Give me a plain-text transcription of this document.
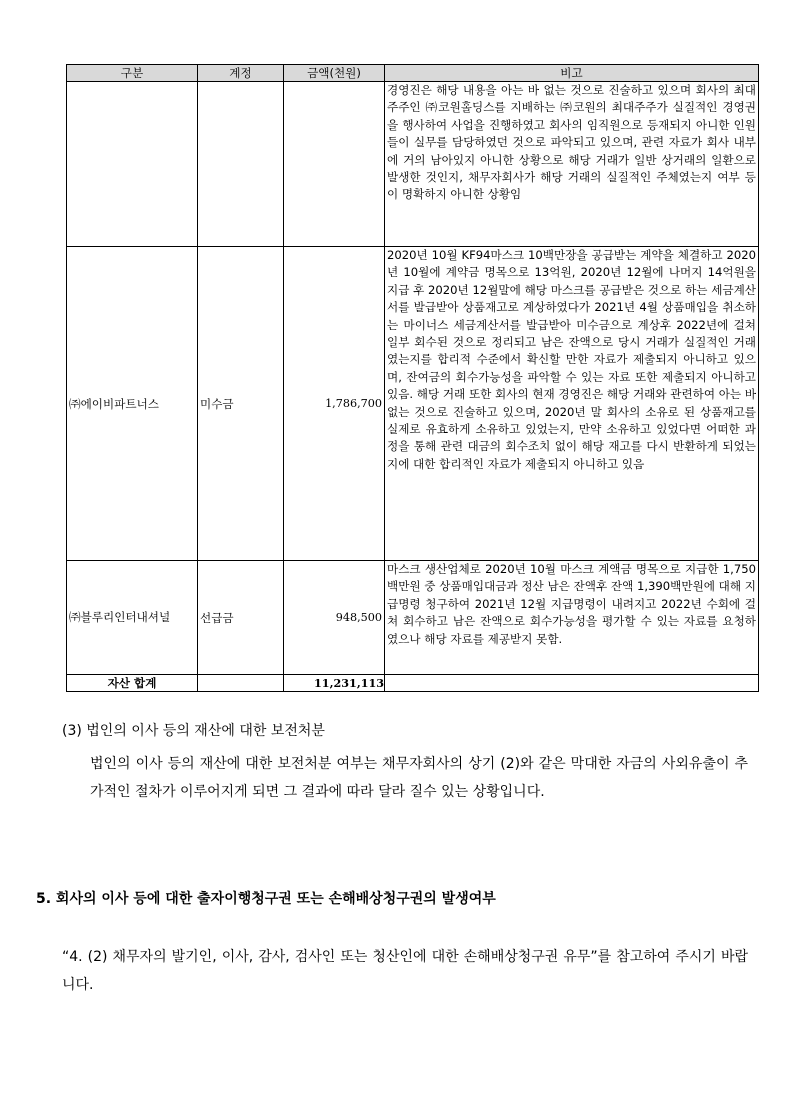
구분	계정	금액(천원)	비고
			경영진은 해당 내용을 아는 바 없는 것으로 진술하고 있으며 회사의 최대주주인 ㈜코원홀딩스를 지배하는 ㈜코원의 최대주주가 실질적인 경영권을 행사하여 사업을 진행하였고 회사의 임직원으로 등재되지 아니한 인원들이 실무를 담당하였던 것으로 파악되고 있으며, 관련 자료가 회사 내부에 거의 남아있지 아니한 상황으로 해당 거래가 일반 상거래의 일환으로 발생한 것인지, 채무자회사가 해당 거래의 실질적인 주체였는지 여부 등이 명확하지 아니한 상황임
㈜에이비파트너스	미수금	1,786,700	2020년 10월 KF94마스크 10백만장을 공급받는 계약을 체결하고 2020년 10월에 계약금 명목으로 13억원, 2020년 12월에 나머지 14억원을 지급 후 2020년 12월말에 해당 마스크를 공급받은 것으로 하는 세금계산서를 발급받아 상품재고로 계상하였다가 2021년 4월 상품매입을 취소하는 마이너스 세금계산서를 발급받아 미수금으로 계상후 2022년에 걸쳐 일부 회수된 것으로 정리되고 남은 잔액으로 당시 거래가 실질적인 거래였는지를 합리적 수준에서 확신할 만한 자료가 제출되지 아니하고 있으며, 잔여금의 회수가능성을 파악할 수 있는 자료 또한 제출되지 아니하고 있음. 해당 거래 또한 회사의 현재 경영진은 해당 거래와 관련하여 아는 바 없는 것으로 진술하고 있으며, 2020년 말 회사의 소유로 된 상품재고를 실제로 유효하게 소유하고 있었는지, 만약 소유하고 있었다면 어떠한 과정을 통해 관련 대금의 회수조치 없이 해당 재고를 다시 반환하게 되었는지에 대한 합리적인 자료가 제출되지 아니하고 있음
㈜블루리인터내셔널	선급금	948,500	마스크 생산업체로 2020년 10월 마스크 계액금 명목으로 지급한 1,750백만원 중 상품매입대금과 정산 남은 잔액후 잔액 1,390백만원에 대해 지급명령 청구하여 2021년 12월 지급명령이 내려지고 2022년 수회에 걸쳐 회수하고 남은 잔액으로 회수가능성을 평가할 수 있는 자료를 요청하였으나 해당 자료를 제공받지 못함.
자산 합계		11,231,113	
(3) 법인의 이사 등의 재산에 대한 보전처분
법인의 이사 등의 재산에 대한 보전처분 여부는 채무자회사의 상기 (2)와 같은 막대한 자금의 사외유출이 추가적인 절차가 이루어지게 되면 그 결과에 따라 달라 질수 있는 상황입니다.
5. 회사의 이사 등에 대한 출자이행청구권 또는 손해배상청구권의 발생여부
“4. (2) 채무자의 발기인, 이사, 감사, 검사인 또는 청산인에 대한 손해배상청구권 유무”를 참고하여 주시기 바랍니다.
